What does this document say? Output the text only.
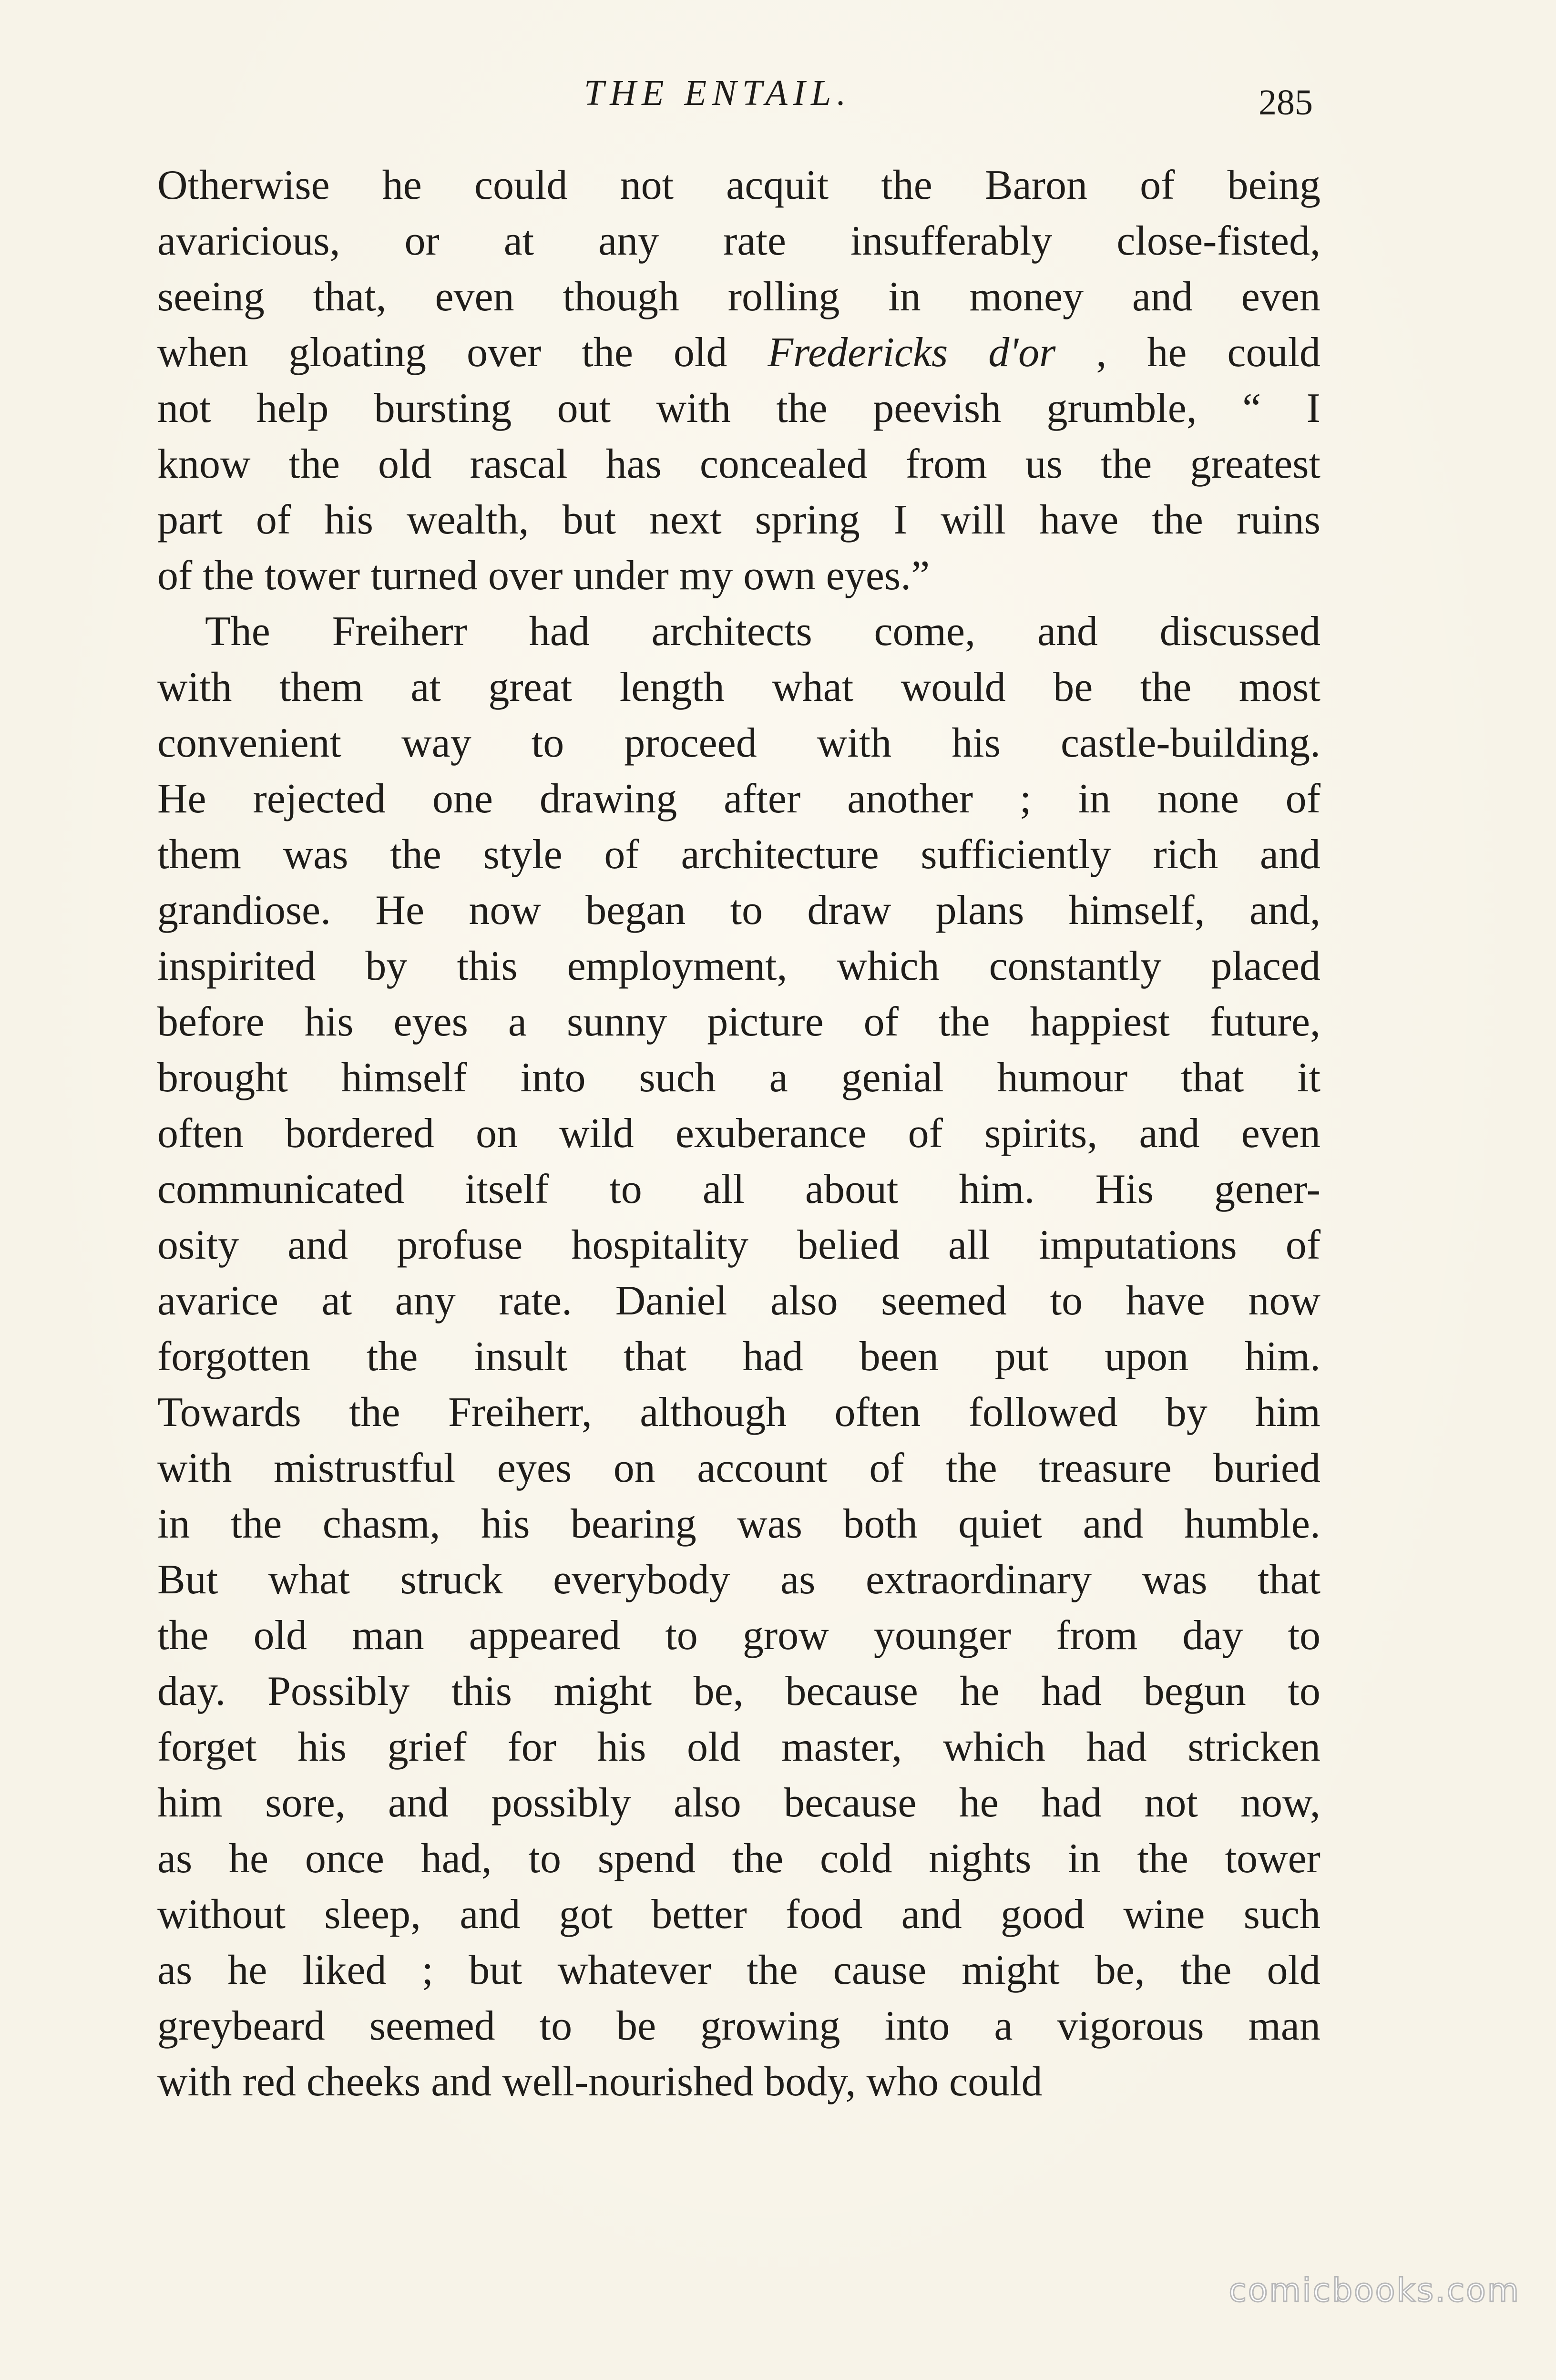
THE ENTAIL.	285
Otherwise he could not acquit the Baron of being
avaricious, or at any rate insufferably close-fisted,
seeing that, even though rolling in money and even
when gloating over the old Fredericks d'or , he could
not help bursting out with the peevish grumble, “ I
know the old rascal has concealed from us the greatest
part of his wealth, but next spring I will have the ruins
of the tower turned over under my own eyes.”
The Freiherr had architects come, and discussed
with them at great length what would be the most
convenient way to proceed with his castle-building.
He rejected one drawing after another ; in none of
them was the style of architecture sufficiently rich and
grandiose. He now began to draw plans himself, and,
inspirited by this employment, which constantly placed
before his eyes a sunny picture of the happiest future,
brought himself into such a genial humour that it
often bordered on wild exuberance of spirits, and even
communicated itself to all about him. His gener-
osity and profuse hospitality belied all imputations of
avarice at any rate. Daniel also seemed to have now
forgotten the insult that had been put upon him.
Towards the Freiherr, although often followed by him
with mistrustful eyes on account of the treasure buried
in the chasm, his bearing was both quiet and humble.
But what struck everybody as extraordinary was that
the old man appeared to grow younger from day to
day. Possibly this might be, because he had begun to
forget his grief for his old master, which had stricken
him sore, and possibly also because he had not now,
as he once had, to spend the cold nights in the tower
without sleep, and got better food and good wine such
as he liked ; but whatever the cause might be, the old
greybeard seemed to be growing into a vigorous man
with red cheeks and well-nourished body, who could
comicbooks.com
